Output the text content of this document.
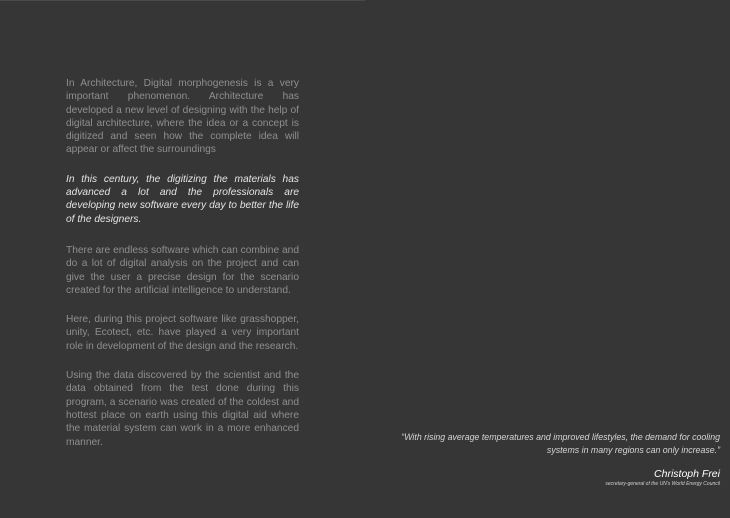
In Architecture, Digital morphogenesis is a very important phenomenon. Architecture has developed a new level of designing with the help of digital architecture, where the idea or a concept is digitized and seen how the complete idea will appear or affect the surroundings

In this century, the digitizing the materials has advanced a lot and the professionals are developing new software every day to better the life of the designers.

There are endless software which can combine and do a lot of digital analysis on the project and can give the user a precise design for the scenario created for the artificial intelligence to understand.

Here, during this project software like grasshopper, unity, Ecotect, etc. have played a very important role in development of the design and the research.

Using the data discovered by the scientist and the data obtained from the test done during this program, a scenario was created of the coldest and hottest place on earth using this digital aid where the material system can work in a more enhanced manner.	“With rising average temperatures and improved lifestyles, the demand for cooling systems in many regions can only increase.”
Christoph Frei
secretary-general of the UN's World Energy Council
